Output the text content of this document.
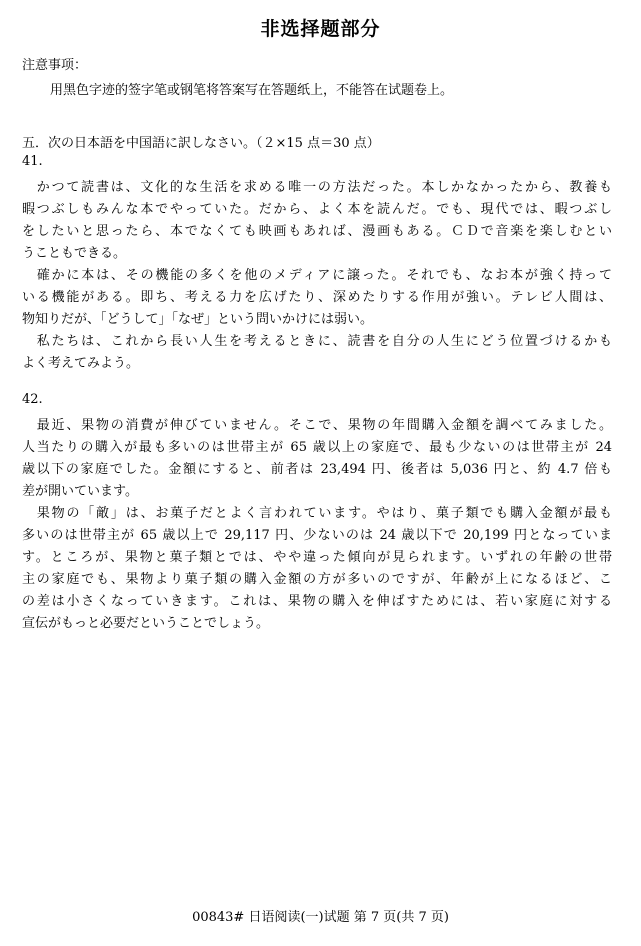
非选择题部分
注意事项：
用黑色字迹的签字笔或钢笔将答案写在答题纸上，不能答在试题卷上。
五．次の日本語を中国語に訳しなさい。（２×15 点＝30 点）
41.
　かつて読書は、文化的な生活を求める唯一の方法だった。本しかなかったから、教養も
暇つぶしもみんな本でやっていた。だから、よく本を読んだ。でも、現代では、暇つぶし
をしたいと思ったら、本でなくても映画もあれば、漫画もある。ＣＤで音楽を楽しむとい
うこともできる。
　確かに本は、その機能の多くを他のメディアに譲った。それでも、なお本が強く持って
いる機能がある。即ち、考える力を広げたり、深めたりする作用が強い。テレビ人間は、
物知りだが、「どうして」「なぜ」という問いかけには弱い。
　私たちは、これから長い人生を考えるときに、読書を自分の人生にどう位置づけるかも
よく考えてみよう。
42.
　最近、果物の消費が伸びていません。そこで、果物の年間購入金額を調べてみました。
人当たりの購入が最も多いのは世帯主が 65 歳以上の家庭で、最も少ないのは世帯主が 24
歳以下の家庭でした。金額にすると、前者は 23,494 円、後者は 5,036 円と、約 4.7 倍も
差が開いています。
　果物の「敵」は、お菓子だとよく言われています。やはり、菓子類でも購入金額が最も
多いのは世帯主が 65 歳以上で 29,117 円、少ないのは 24 歳以下で 20,199 円となっていま
す。ところが、果物と菓子類とでは、やや違った傾向が見られます。いずれの年齢の世帯
主の家庭でも、果物より菓子類の購入金額の方が多いのですが、年齢が上になるほど、こ
の差は小さくなっていきます。これは、果物の購入を伸ばすためには、若い家庭に対する
宣伝がもっと必要だということでしょう。
00843# 日语阅读(一)试题 第 7 页(共 7 页)
